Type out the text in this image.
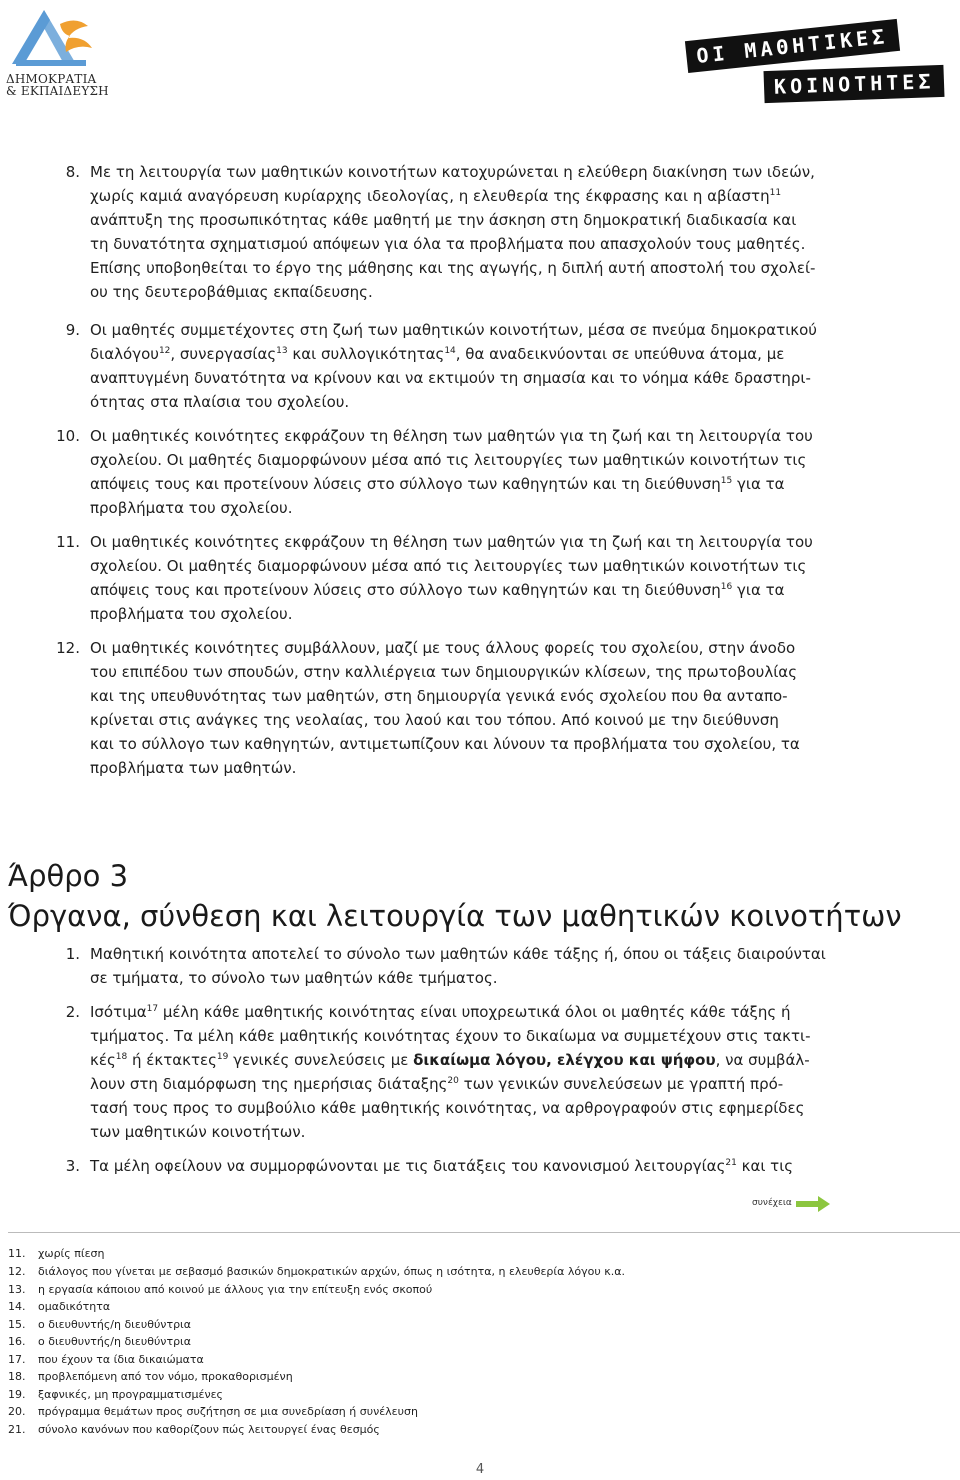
ΔΗΜΟΚΡΑΤΙΑ
& ΕΚΠΑΙΔΕΥΣΗ
ΟΙ ΜΑΘΗΤΙΚΕΣ
ΚΟΙΝΟΤΗΤΕΣ
8. Με τη λειτουργία των μαθητικών κοινοτήτων κατοχυρώνεται η ελεύθερη διακίνηση των ιδεών,
χωρίς καμιά αναγόρευση κυρίαρχης ιδεολογίας, η ελευθερία της έκφρασης και η αβίαστη$^{11}$
ανάπτυξη της προσωπικότητας κάθε μαθητή με την άσκηση στη δημοκρατική διαδικασία και
τη δυνατότητα σχηματισμού απόψεων για όλα τα προβλήματα που απασχολούν τους μαθητές.
Επίσης υποβοηθείται το έργο της μάθησης και της αγωγής, η διπλή αυτή αποστολή του σχολεί-
ου της δευτεροβάθμιας εκπαίδευσης.
9. Οι μαθητές συμμετέχοντες στη ζωή των μαθητικών κοινοτήτων, μέσα σε πνεύμα δημοκρατικού
διαλόγου$^{12}$, συνεργασίας$^{13}$ και συλλογικότητας$^{14}$, θα αναδεικνύονται σε υπεύθυνα άτομα, με
αναπτυγμένη δυνατότητα να κρίνουν και να εκτιμούν τη σημασία και το νόημα κάθε δραστηρι-
ότητας στα πλαίσια του σχολείου.
10. Οι μαθητικές κοινότητες εκφράζουν τη θέληση των μαθητών για τη ζωή και τη λειτουργία του
σχολείου. Οι μαθητές διαμορφώνουν μέσα από τις λειτουργίες των μαθητικών κοινοτήτων τις
απόψεις τους και προτείνουν λύσεις στο σύλλογο των καθηγητών και τη διεύθυνση$^{15}$ για τα
προβλήματα του σχολείου.
11. Οι μαθητικές κοινότητες εκφράζουν τη θέληση των μαθητών για τη ζωή και τη λειτουργία του
σχολείου. Οι μαθητές διαμορφώνουν μέσα από τις λειτουργίες των μαθητικών κοινοτήτων τις
απόψεις τους και προτείνουν λύσεις στο σύλλογο των καθηγητών και τη διεύθυνση$^{16}$ για τα
προβλήματα του σχολείου.
12. Οι μαθητικές κοινότητες συμβάλλουν, μαζί με τους άλλους φορείς του σχολείου, στην άνοδο
του επιπέδου των σπουδών, στην καλλιέργεια των δημιουργικών κλίσεων, της πρωτοβουλίας
και της υπευθυνότητας των μαθητών, στη δημιουργία γενικά ενός σχολείου που θα ανταπο-
κρίνεται στις ανάγκες της νεολαίας, του λαού και του τόπου. Από κοινού με την διεύθυνση
και το σύλλογο των καθηγητών, αντιμετωπίζουν και λύνουν τα προβλήματα του σχολείου, τα
προβλήματα των μαθητών.
Άρθρο 3
Όργανα, σύνθεση και λειτουργία των μαθητικών κοινοτήτων
1. Μαθητική κοινότητα αποτελεί το σύνολο των μαθητών κάθε τάξης ή, όπου οι τάξεις διαιρούνται
σε τμήματα, το σύνολο των μαθητών κάθε τμήματος.
2. Ισότιμα$^{17}$ μέλη κάθε μαθητικής κοινότητας είναι υποχρεωτικά όλοι οι μαθητές κάθε τάξης ή
τμήματος. Τα μέλη κάθε μαθητικής κοινότητας έχουν το δικαίωμα να συμμετέχουν στις τακτι-
κές$^{18}$ ή έκτακτες$^{19}$ γενικές συνελεύσεις με δικαίωμα λόγου, ελέγχου και ψήφου, να συμβάλ-
λουν στη διαμόρφωση της ημερήσιας διάταξης$^{20}$ των γενικών συνελεύσεων με γραπτή πρό-
τασή τους προς το συμβούλιο κάθε μαθητικής κοινότητας, να αρθρογραφούν στις εφημερίδες
των μαθητικών κοινοτήτων.
3. Τα μέλη οφείλουν να συμμορφώνονται με τις διατάξεις του κανονισμού λειτουργίας$^{21}$ και τις
συνέχεια
11. χωρίς πίεση
12. διάλογος που γίνεται με σεβασμό βασικών δημοκρατικών αρχών, όπως η ισότητα, η ελευθερία λόγου κ.α.
13. η εργασία κάποιου από κοινού με άλλους για την επίτευξη ενός σκοπού
14. ομαδικότητα
15. ο διευθυντής/η διευθύντρια
16. ο διευθυντής/η διευθύντρια
17. που έχουν τα ίδια δικαιώματα
18. προβλεπόμενη από τον νόμο, προκαθορισμένη
19. ξαφνικές, μη προγραμματισμένες
20. πρόγραμμα θεμάτων προς συζήτηση σε μια συνεδρίαση ή συνέλευση
21. σύνολο κανόνων που καθορίζουν πώς λειτουργεί ένας θεσμός
4
